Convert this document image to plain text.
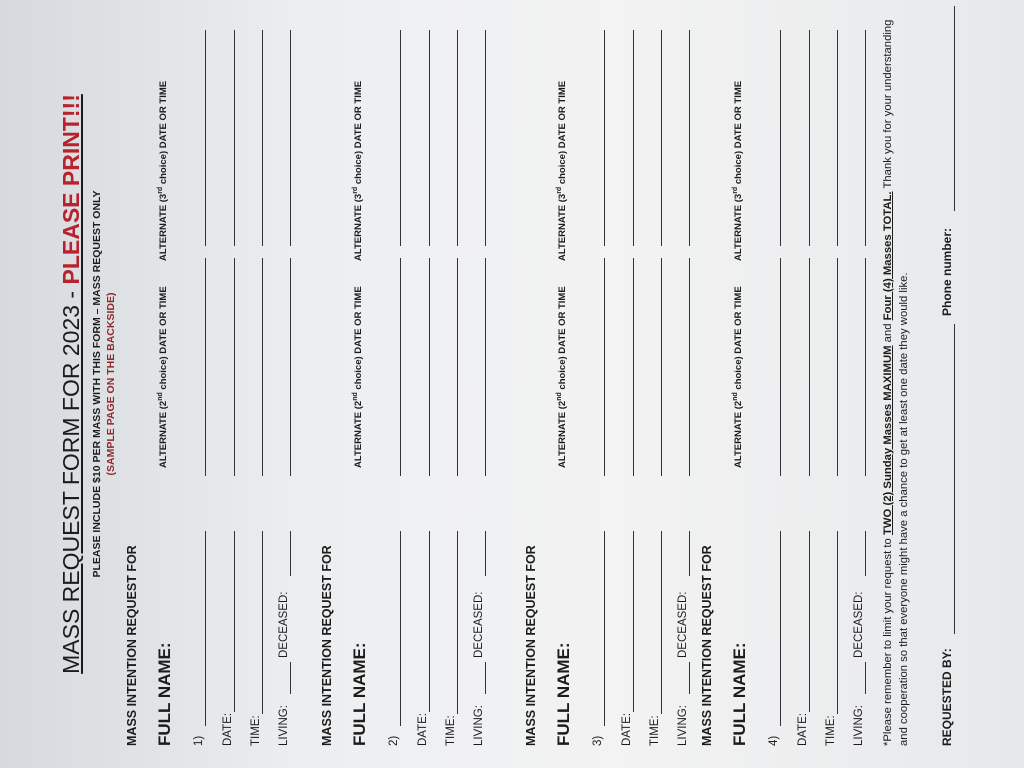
MASS REQUEST FORM FOR 2023 - PLEASE PRINT!!!
PLEASE INCLUDE $10 PER MASS WITH THIS FORM – MASS REQUEST ONLY (SAMPLE PAGE ON THE BACKSIDE)
MASS INTENTION REQUEST FOR FULL NAME:
ALTERNATE (2nd choice) DATE OR TIME
ALTERNATE (3rd choice) DATE OR TIME
1) DATE: TIME: LIVING:
DECEASED: MASS INTENTION REQUEST FOR FULL NAME:
ALTERNATE (2nd choice) DATE OR TIME
ALTERNATE (3rd choice) DATE OR TIME
2) DATE: TIME: LIVING:
DECEASED:	MASS INTENTION REQUEST FOR FULL NAME:
ALTERNATE (2nd choice) DATE OR TIME
ALTERNATE (3rd choice) DATE OR TIME
3) DATE: TIME: LIVING:
DECEASED: MASS INTENTION REQUEST FOR FULL NAME:
ALTERNATE (2nd choice) DATE OR TIME
ALTERNATE (3rd choice) DATE OR TIME
4) DATE: TIME: LIVING:
DECEASED: *Please remember to limit your request to TWO (2) Sunday Masses MAXIMUM and Four (4) Masses TOTAL. Thank you for your understanding and cooperation so that everyone might have a chance to get at least one date they would like. REQUESTED BY:
Phone number:
